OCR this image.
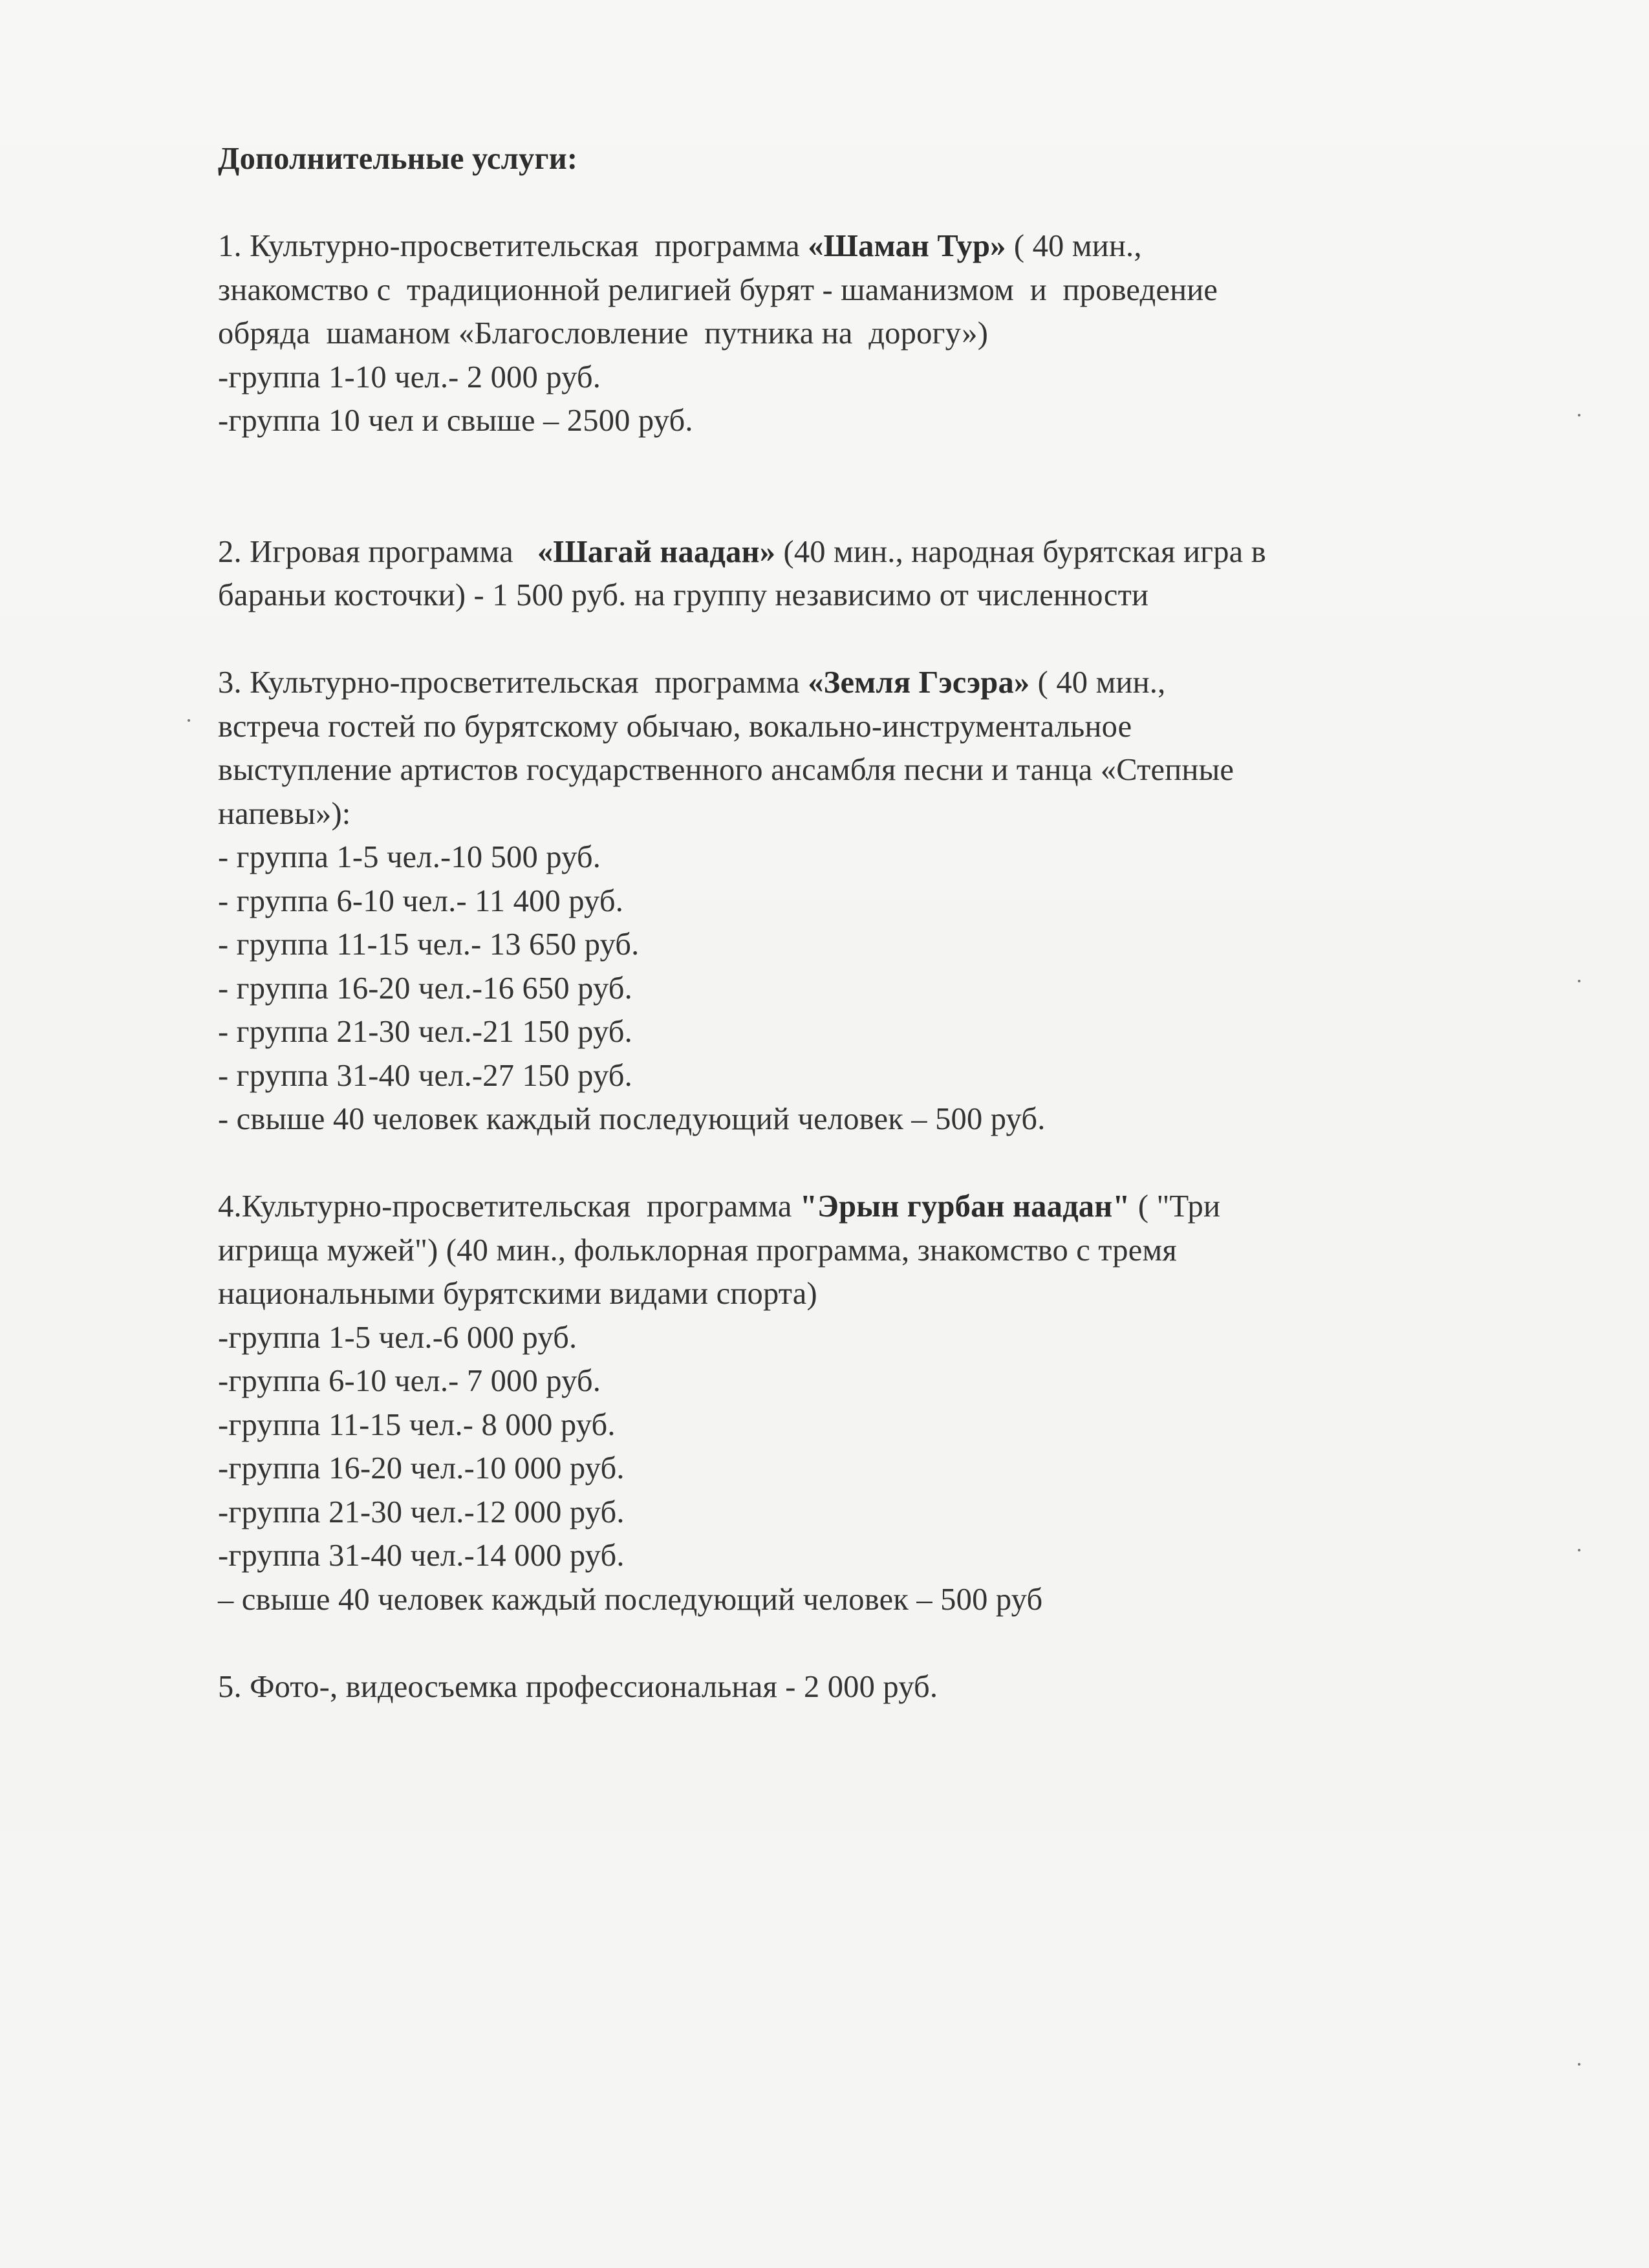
Дополнительные услуги:
1. Культурно-просветительская  программа «Шаман Тур» ( 40 мин.,
знакомство с  традиционной религией бурят - шаманизмом  и  проведение
обряда  шаманом «Благословление  путника на  дорогу»)
-группа 1-10 чел.- 2 000 руб.
-группа 10 чел и свыше – 2500 руб.
2. Игровая программа   «Шагай наадан» (40 мин., народная бурятская игра в
бараньи косточки) - 1 500 руб. на группу независимо от численности
3. Культурно-просветительская  программа «Земля Гэсэра» ( 40 мин.,
встреча гостей по бурятскому обычаю, вокально-инструментальное
выступление артистов государственного ансамбля песни и танца «Степные
напевы»):
- группа 1-5 чел.-10 500 руб.
- группа 6-10 чел.- 11 400 руб.
- группа 11-15 чел.- 13 650 руб.
- группа 16-20 чел.-16 650 руб.
- группа 21-30 чел.-21 150 руб.
- группа 31-40 чел.-27 150 руб.
- свыше 40 человек каждый последующий человек – 500 руб.
4.Культурно-просветительская  программа "Эрын гурбан наадан" ( "Три
игрища мужей") (40 мин., фольклорная программа, знакомство с тремя
национальными бурятскими видами спорта)
-группа 1-5 чел.-6 000 руб.
-группа 6-10 чел.- 7 000 руб.
-группа 11-15 чел.- 8 000 руб.
-группа 16-20 чел.-10 000 руб.
-группа 21-30 чел.-12 000 руб.
-группа 31-40 чел.-14 000 руб.
– свыше 40 человек каждый последующий человек – 500 руб
5. Фото-, видеосъемка профессиональная - 2 000 руб.
